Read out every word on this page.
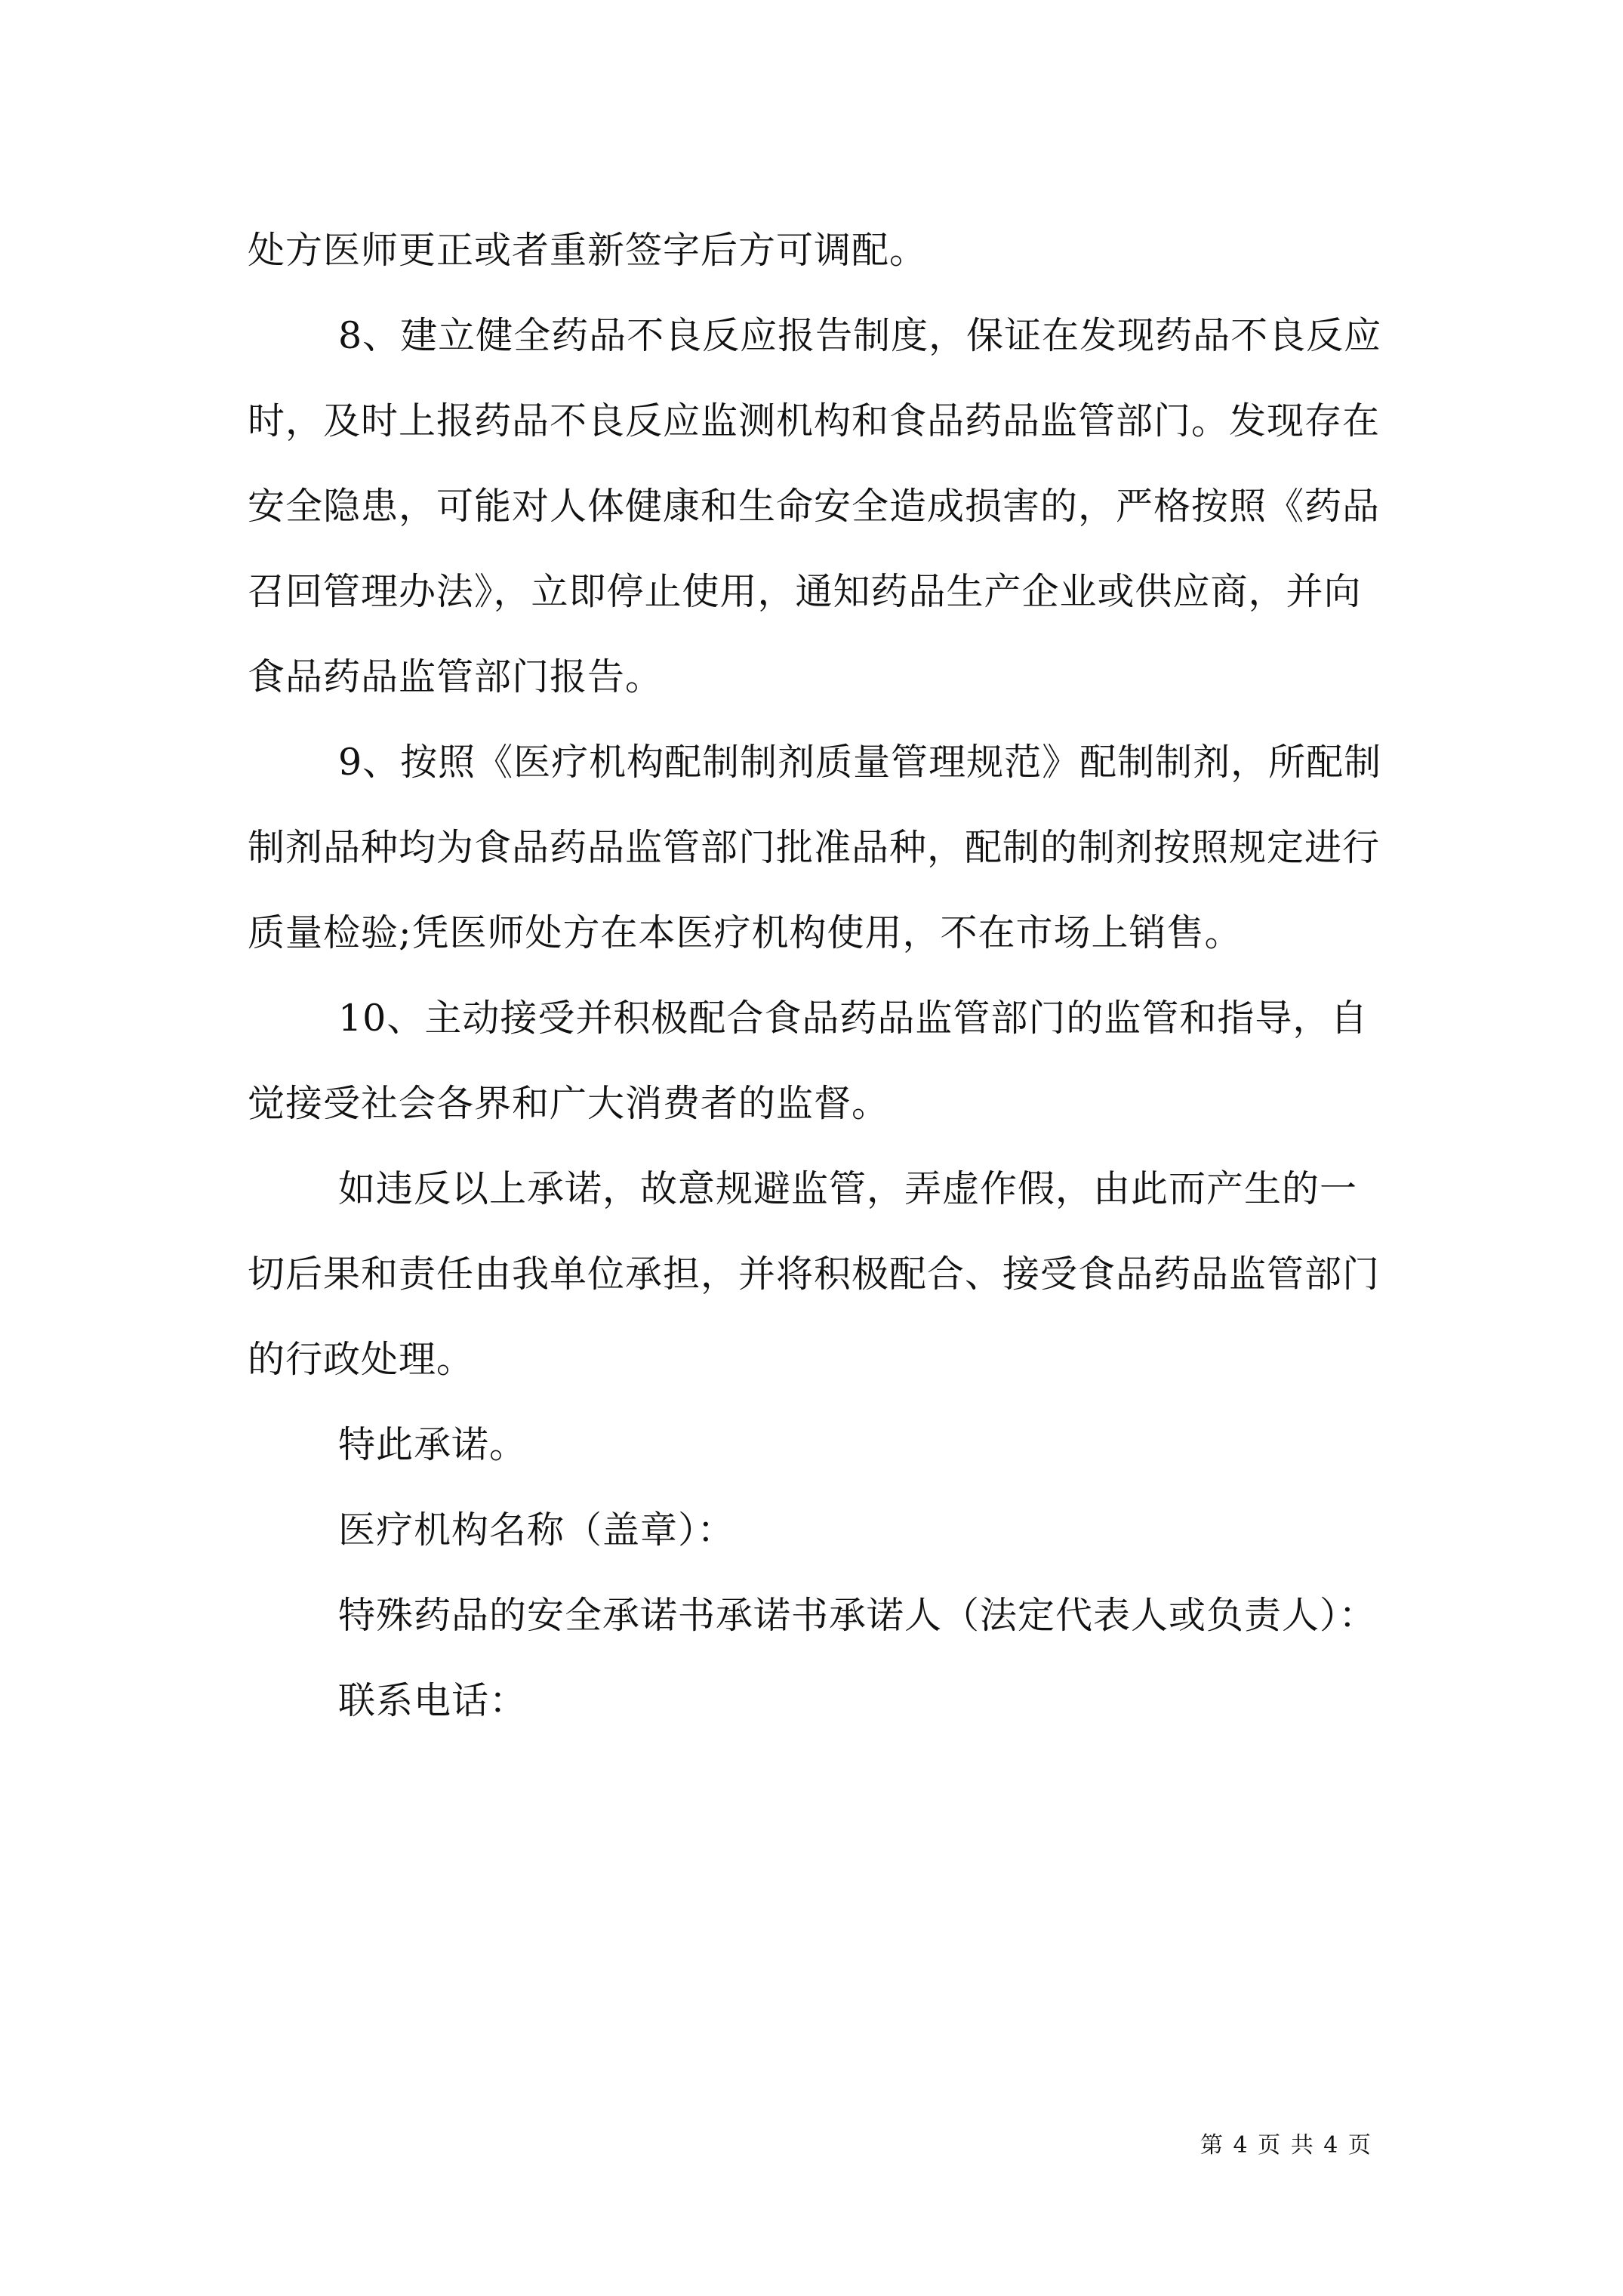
处方医师更正或者重新签字后方可调配。
8、建立健全药品不良反应报告制度，保证在发现药品不良反应
时，及时上报药品不良反应监测机构和食品药品监管部门。发现存在
安全隐患，可能对人体健康和生命安全造成损害的，严格按照《药品
召回管理办法》，立即停止使用，通知药品生产企业或供应商，并向
食品药品监管部门报告。
9、按照《医疗机构配制制剂质量管理规范》配制制剂，所配制
制剂品种均为食品药品监管部门批准品种，配制的制剂按照规定进行
质量检验;凭医师处方在本医疗机构使用，不在市场上销售。
10、主动接受并积极配合食品药品监管部门的监管和指导，自
觉接受社会各界和广大消费者的监督。
如违反以上承诺，故意规避监管，弄虚作假，由此而产生的一
切后果和责任由我单位承担，并将积极配合、接受食品药品监管部门
的行政处理。
特此承诺。
医疗机构名称（盖章）：
特殊药品的安全承诺书承诺书承诺人（法定代表人或负责人）：
联系电话：
第 4 页 共 4 页
